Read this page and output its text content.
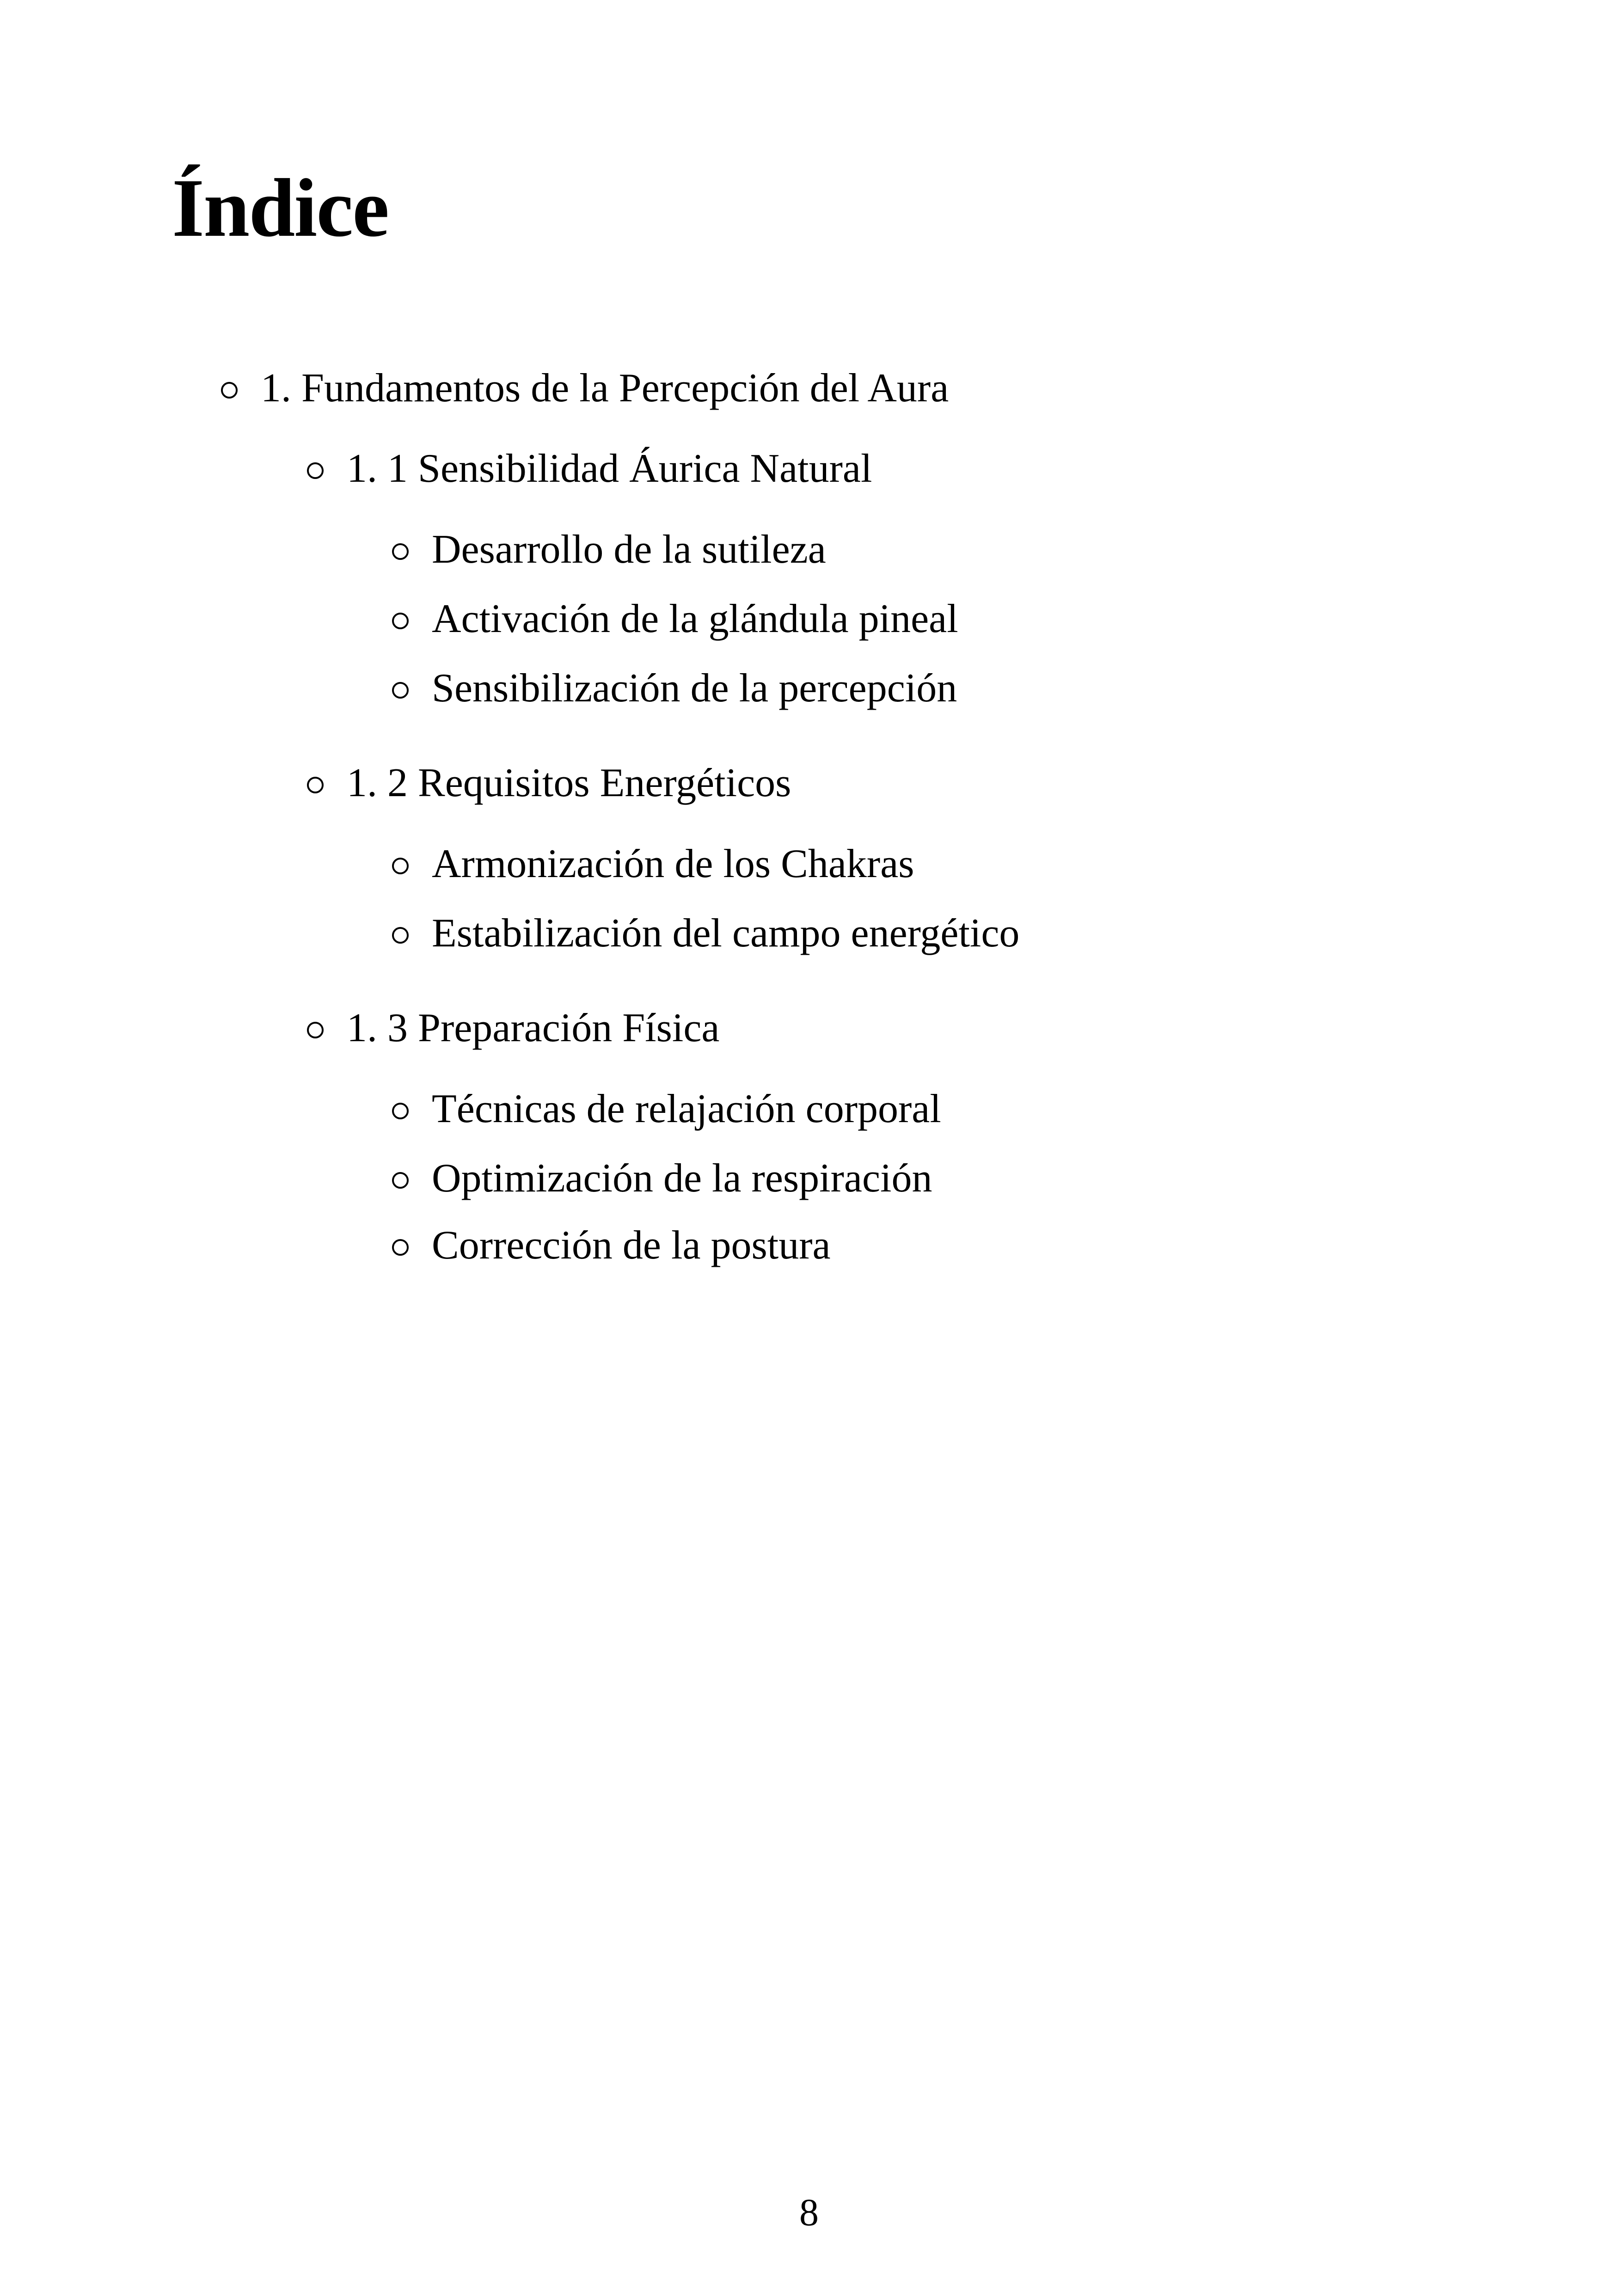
Índice
1. Fundamentos de la Percepción del Aura
1. 1 Sensibilidad Áurica Natural
Desarrollo de la sutileza
Activación de la glándula pineal
Sensibilización de la percepción
1. 2 Requisitos Energéticos
Armonización de los Chakras
Estabilización del campo energético
1. 3 Preparación Física
Técnicas de relajación corporal
Optimización de la respiración
Corrección de la postura
8
